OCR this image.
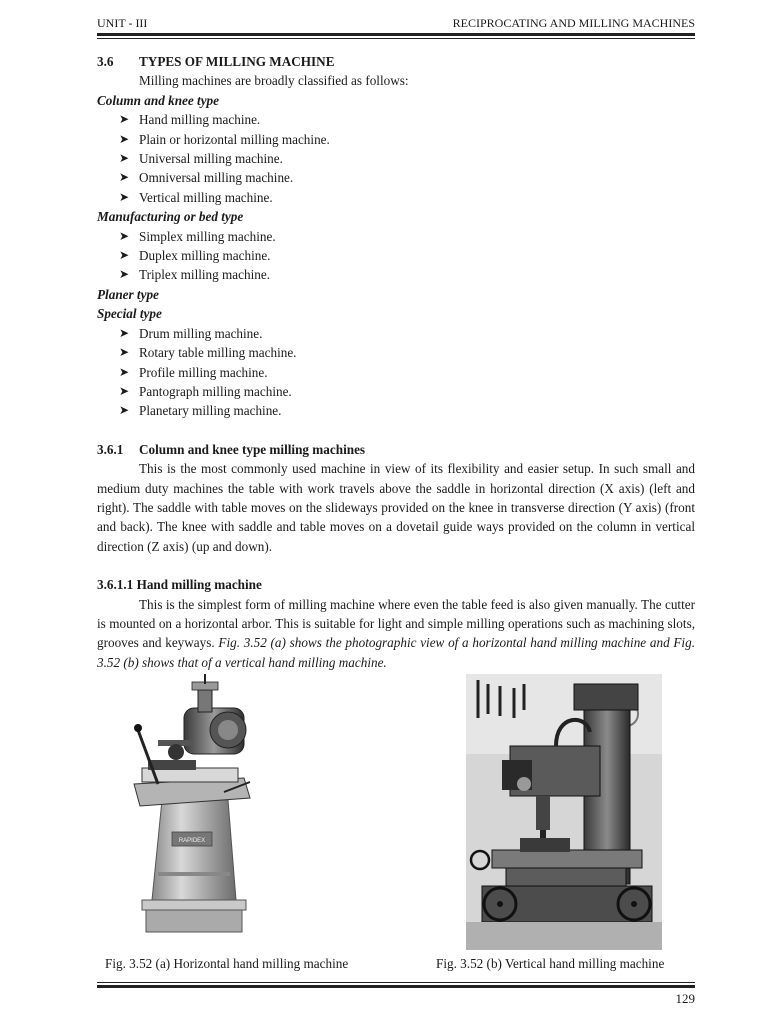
UNIT - III	RECIPROCATING AND MILLING MACHINES
3.6	TYPES OF MILLING MACHINE
Milling machines are broadly classified as follows:
Column and knee type
➤ Hand milling machine.
➤ Plain or horizontal milling machine.
➤ Universal milling machine.
➤ Omniversal milling machine.
➤ Vertical milling machine.
Manufacturing or bed type
➤ Simplex milling machine.
➤ Duplex milling machine.
➤ Triplex milling machine.
Planer type
Special type
➤ Drum milling machine.
➤ Rotary table milling machine.
➤ Profile milling machine.
➤ Pantograph milling machine.
➤ Planetary milling machine.
3.6.1	Column and knee type milling machines

This is the most commonly used machine in view of its flexibility and easier setup. In such small and medium duty machines the table with work travels above the saddle in horizontal direction (X axis) (left and right). The saddle with table moves on the slideways provided on the knee in transverse direction (Y axis) (front and back). The knee with saddle and table moves on a dovetail guide ways provided on the column in vertical direction (Z axis) (up and down).

3.6.1.1 Hand milling machine

This is the simplest form of milling machine where even the table feed is also given manually. The cutter is mounted on a horizontal arbor. This is suitable for light and simple milling operations such as machining slots, grooves and keyways. Fig. 3.52 (a) shows the photographic view of a horizontal hand milling machine and Fig. 3.52 (b) shows that of a vertical hand milling machine.

RAPIDEX
Fig. 3.52 (a) Horizontal hand milling machine	Fig. 3.52 (b) Vertical hand milling machine
129
